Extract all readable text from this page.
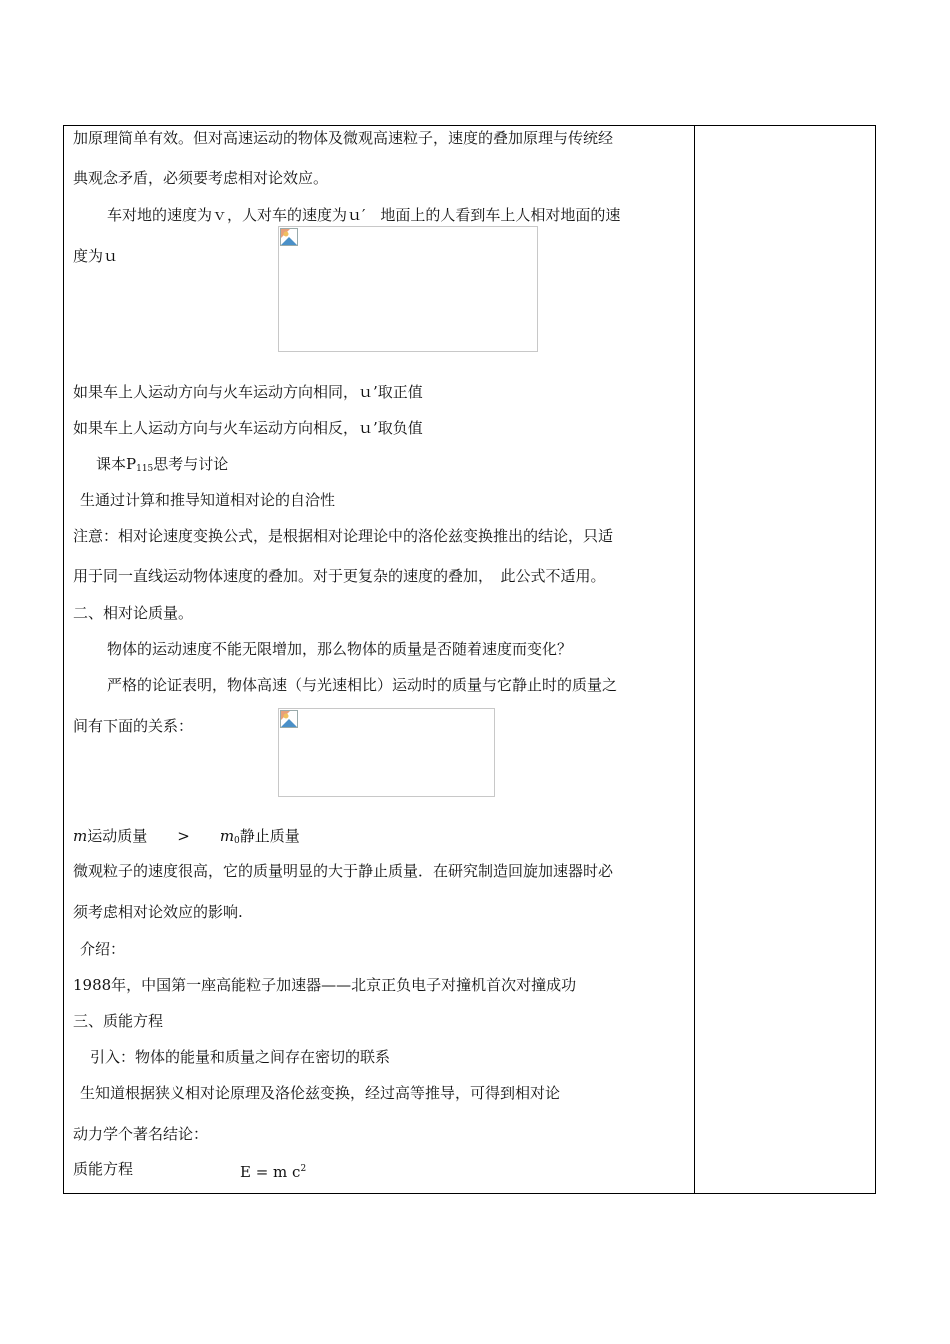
加原理简单有效。但对高速运动的物体及微观高速粒子，速度的叠加原理与传统经
典观念矛盾，必须要考虑相对论效应。
车对地的速度为ｖ，人对车的速度为ｕ′　地面上的人看到车上人相对地面的速
度为ｕ
如果车上人运动方向与火车运动方向相同，ｕ’取正值
如果车上人运动方向与火车运动方向相反，ｕ’取负值
课本$P_{115}$思考与讨论
生通过计算和推导知道相对论的自洽性
注意：相对论速度变换公式，是根据相对论理论中的洛伦兹变换推出的结论，只适
用于同一直线运动物体速度的叠加。对于更复杂的速度的叠加，　此公式不适用。
二、相对论质量。
物体的运动速度不能无限增加，那么物体的质量是否随着速度而变化？
严格的论证表明，物体高速（与光速相比）运动时的质量与它静止时的质量之
间有下面的关系：
m运动质量　　>　　$m_0$静止质量
微观粒子的速度很高，它的质量明显的大于静止质量．在研究制造回旋加速器时必
须考虑相对论效应的影响.
介绍：
1988年，中国第一座高能粒子加速器——北京正负电子对撞机首次对撞成功
三、质能方程
引入：物体的能量和质量之间存在密切的联系
生知道根据狭义相对论原理及洛伦兹变换，经过高等推导，可得到相对论
动力学个著名结论：
质能方程	E = m $c^2$
